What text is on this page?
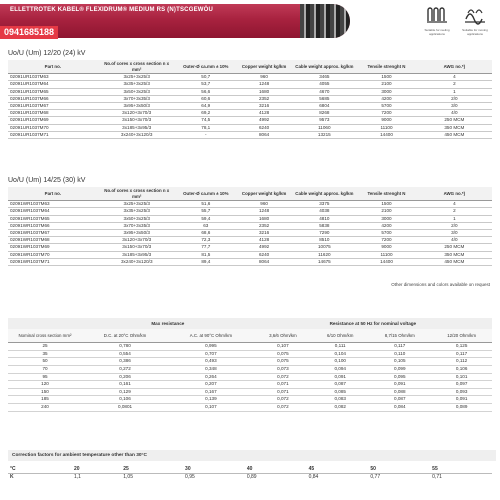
ELLETTROTEK KABEL® FLEXIDRUM® MEDIUM RS (N)TSCGEWÖU
0941685188	Suitable for reeling applications
Suitable for moving applications
Uo/U (Um) 12/20 (24) kV
Part no.	No.of cores x cross section n x mm²	Outer-Ø ca.mm ± 10%	Copper weight kg/km	Cable weight approx. kg/km	Tensile strenght N	AWG no.*)
02091UR1037M63	3x25+3x25/3	50,7	960	3465	1500	4
02091UR1037M64	3x35+3x25/3	53,7	1248	4055	2100	2
02091UR1037M65	3x50+3x25/3	56,6	1680	4670	3000	1
02091UR1037M66	3x70+3x35/3	60,6	2352	5685	4200	2/0
02091UR1037M67	3x95+3x50/3	64,9	3216	6804	5700	3/0
02091UR1037M68	3x120+3x70/3	69,2	4128	8268	7200	4/0
02091UR1037M69	3x150+3x70/3	74,5	4992	9573	9000	250 MCM
02091UR1037M70	3x185+3x95/3	78,1	6240	11060	11100	350 MCM
02091UR1037M71	3x240+3x120/3	-	8064	13215	14400	450 MCM
Uo/U (Um) 14/25 (30) kV
Part no.	No.of cores x cross section n x mm²	Outer-Ø ca.mm ± 10%	Copper weight kg/km	Cable weight approx. kg/km	Tensile strenght N	AWG no.*)
02091WR1037M63	3x25+3x25/3	51,6	960	3375	1500	4
02091WR1037M64	3x35+3x25/3	55,7	1248	4038	2100	2
02091WR1037M65	3x50+3x25/3	59,4	1680	4810	3000	1
02091WR1037M66	3x70+3x35/3	63	2352	5838	4200	2/0
02091WR1037M67	3x95+3x50/3	68,6	3216	7290	5700	3/0
02091WR1037M68	3x120+3x70/3	72,3	4128	8510	7200	4/0
02091WR1037M69	3x150+3x70/3	77,7	4992	10075	9000	250 MCM
02091WR1037M70	3x185+3x95/3	81,5	6240	11620	11100	350 MCM
02091WR1037M71	3x240+3x120/3	89,4	8064	14675	14400	450 MCM
Other dimensions and colors available on request
	Max resistance		Resistance at 50 Hz for nominal voltage			
Nominal cross section mm²	D.C. at 20°C Ohm/km	A.C. at 90°C Ohm/km	3,6/6 Ohm/km	6/10 Ohm/km	8,7/15 Ohm/km	12/20 Ohm/km
25	0,780	0,995	0,107	0,111	0,117	0,125
35	0,554	0,707	0,075	0,104	0,110	0,117
50	0,386	0,493	0,075	0,100	0,105	0,112
70	0,272	0,348	0,073	0,094	0,099	0,106
95	0,206	0,264	0,072	0,091	0,095	0,101
120	0,161	0,207	0,071	0,087	0,091	0,097
150	0,129	0,167	0,071	0,085	0,088	0,093
185	0,106	0,139	0,072	0,083	0,087	0,091
240	0,0801	0,107	0,072	0,082	0,084	0,089
Correction factors for ambient temperature other than 30°C
°C	20	25	30	40	45	50	55
K	1,1	1,05	0,95	0,89	0,84	0,77	0,71
